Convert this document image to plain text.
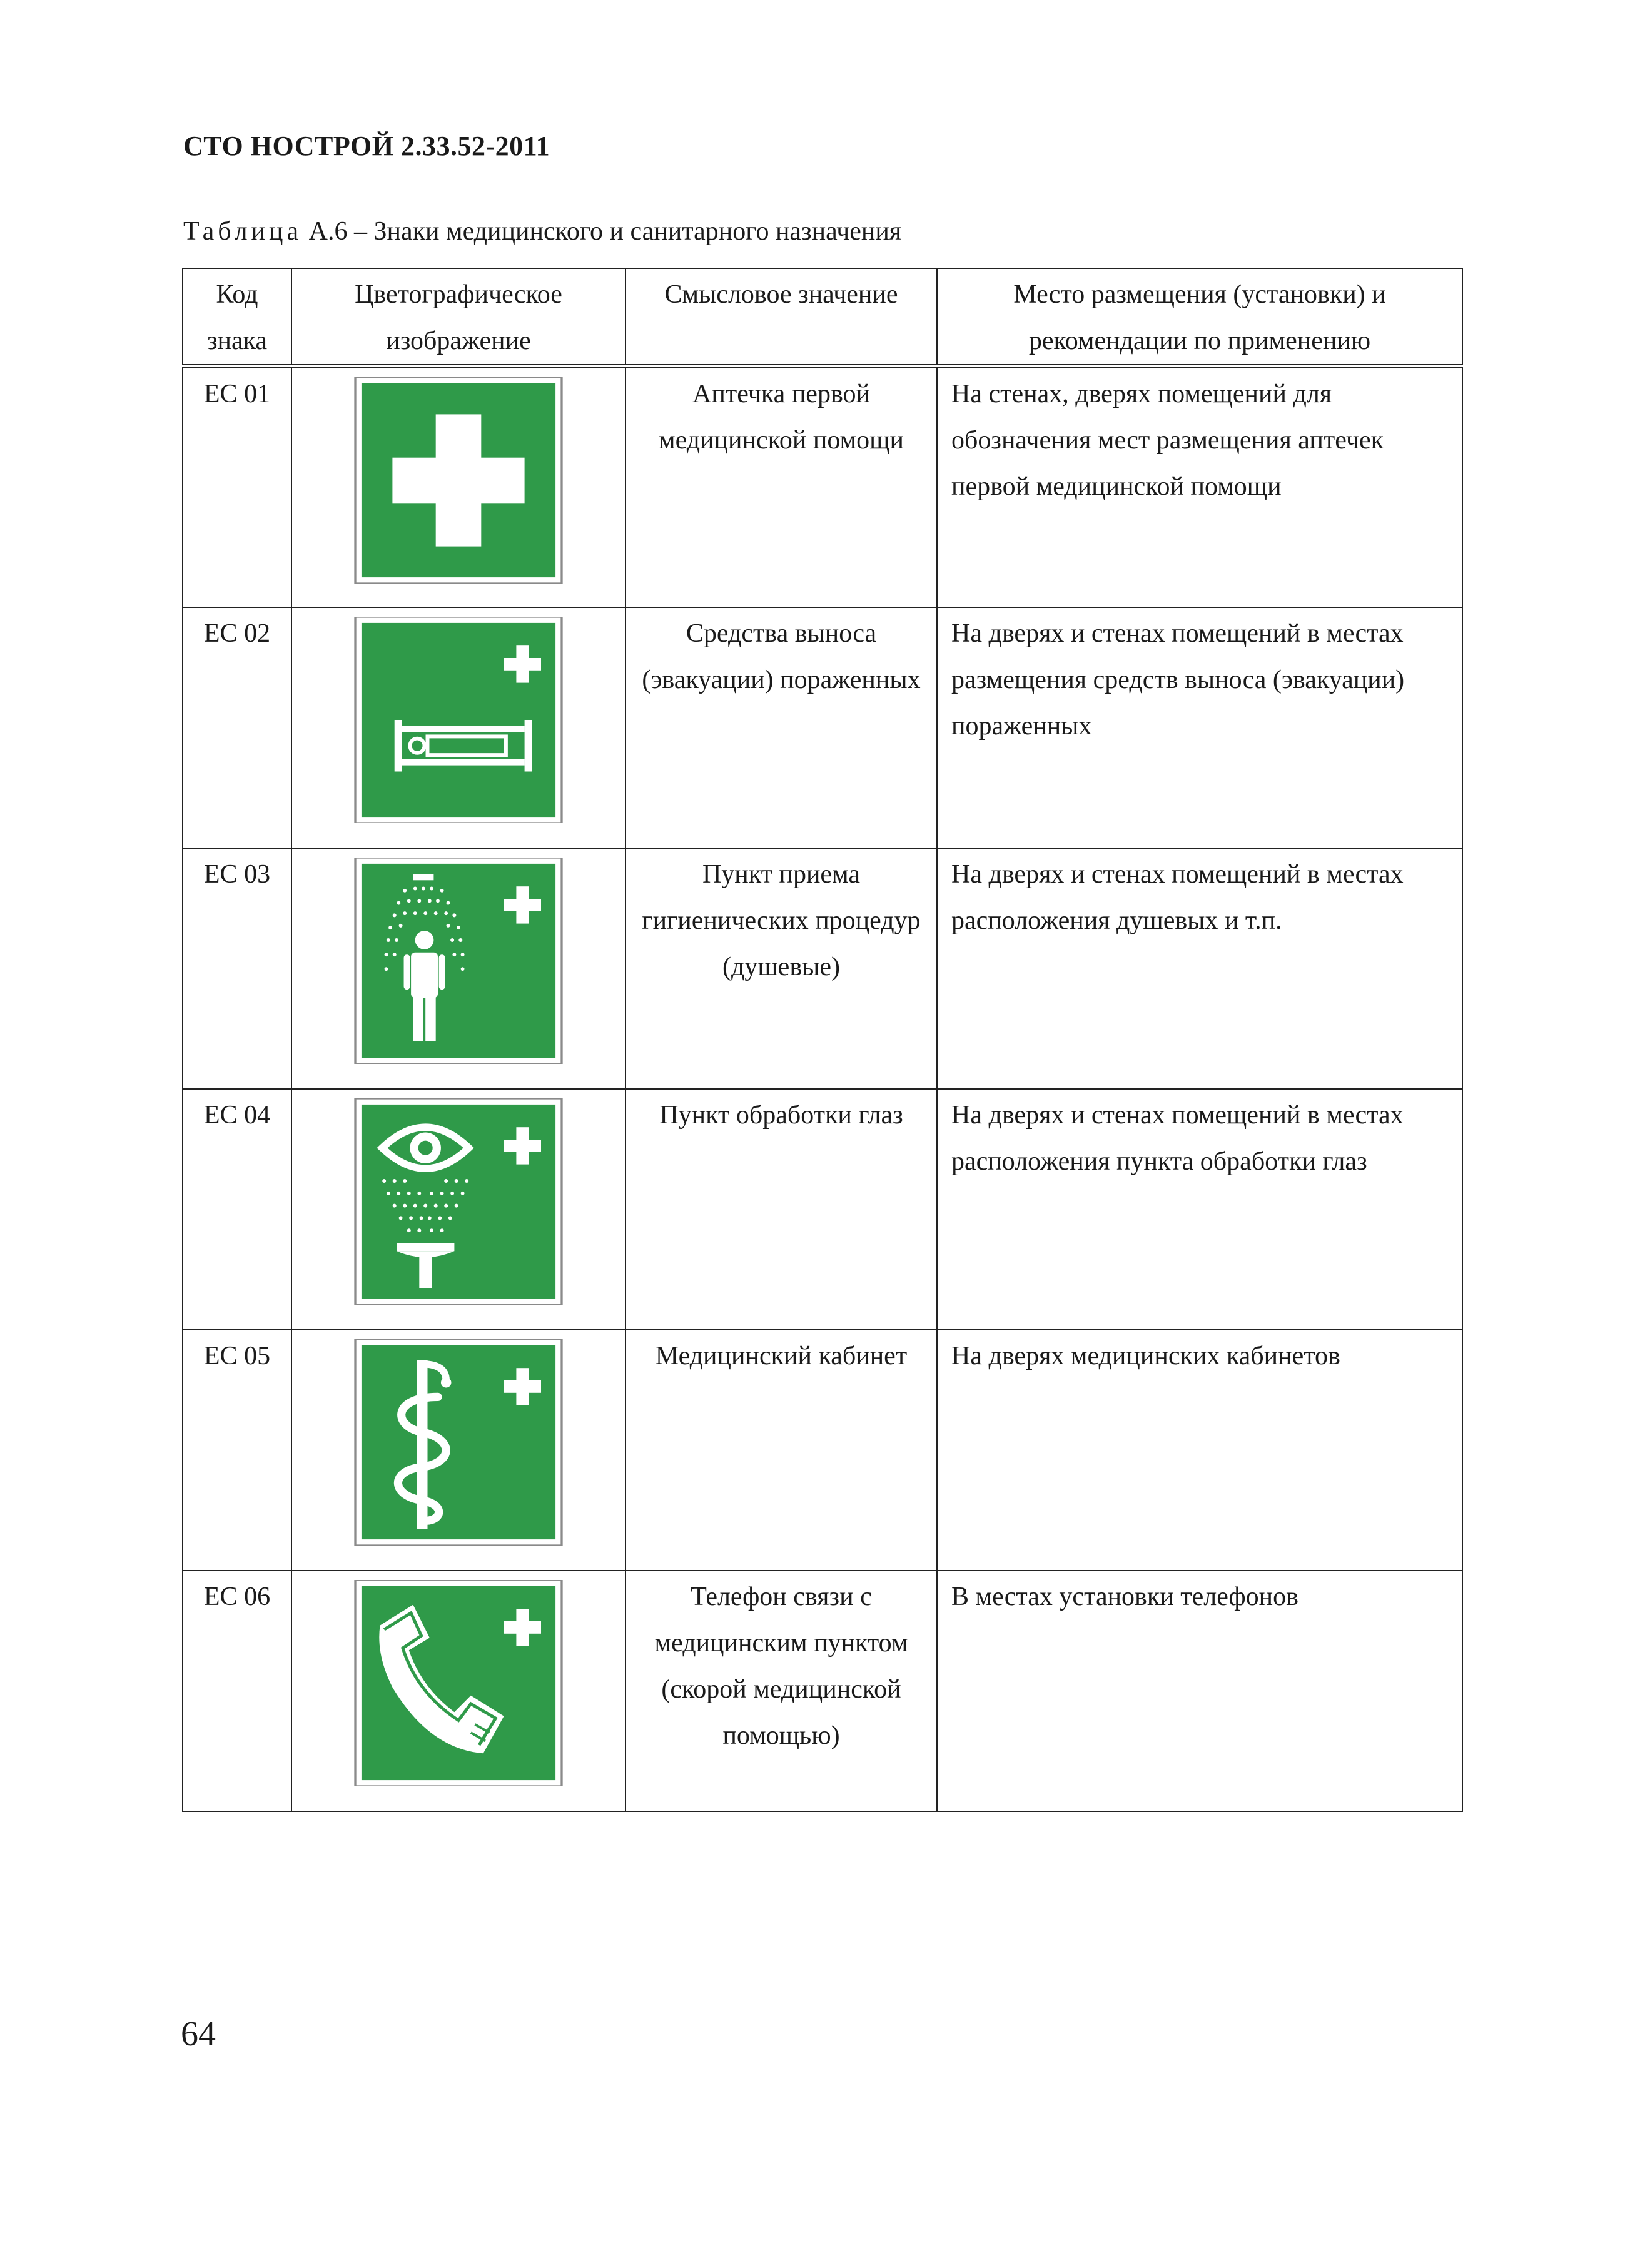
СТО НОСТРОЙ 2.33.52-2011
Таблица А.6 – Знаки медицинского и санитарного назначения
Код знака	Цветографическое изображение	Смысловое значение	Место размещения (установки) и рекомендации по применению
ЕС 01		Аптечка первой медицинской помощи	На стенах, дверях помещений для обозначения мест размещения аптечек первой медицинской помощи
ЕС 02		Средства выноса (эвакуации) пораженных	На дверях и стенах помещений в местах размещения средств выноса (эвакуации) пораженных
ЕС 03		Пункт приема гигиенических процедур (душевые)	На дверях и стенах помещений в местах расположения душевых и т.п.
ЕС 04		Пункт обработки глаз	На дверях и стенах помещений в местах расположения пункта обработки глаз
ЕС 05		Медицинский кабинет	На дверях медицинских кабинетов
ЕС 06		Телефон связи с медицинским пунктом (скорой медицинской помощью)	В местах установки телефонов
64
